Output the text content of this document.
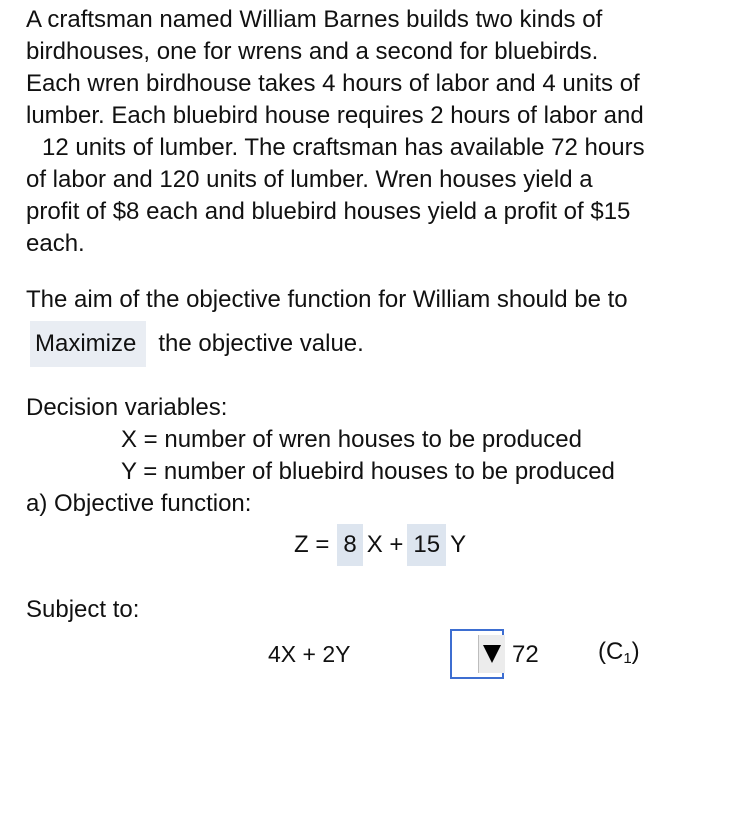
A craftsman named William Barnes builds two kinds of
birdhouses, one for wrens and a second for bluebirds.
Each wren birdhouse takes 4 hours of labor and 4 units of
lumber. Each bluebird house requires 2 hours of labor and
12 units of lumber. The craftsman has available 72 hours
of labor and 120 units of lumber. Wren houses yield a
profit of $8 each and bluebird houses yield a profit of $15
each.
The aim of the objective function for William should be to
Maximize the objective value.
Decision variables:
X = number of wren houses to be produced
Y = number of bluebird houses to be produced
a) Objective function:
Z = 8 X + 15 Y
Subject to:
4X + 2Y	72 $(C_1)$
